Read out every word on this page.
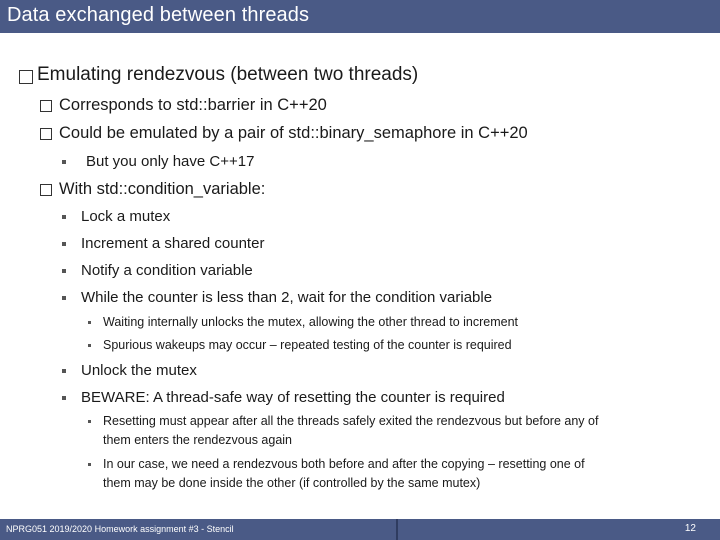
Data exchanged between threads
Emulating rendezvous (between two threads)
Corresponds to std::barrier in C++20
Could be emulated by a pair of std::binary_semaphore in C++20
But you only have C++17
With std::condition_variable:
Lock a mutex
Increment a shared counter
Notify a condition variable
While the counter is less than 2, wait for the condition variable
Waiting internally unlocks the mutex, allowing the other thread to increment
Spurious wakeups may occur – repeated testing of the counter is required
Unlock the mutex
BEWARE: A thread-safe way of resetting the counter is required
Resetting must appear after all the threads safely exited the rendezvous but before any of
them enters the rendezvous again
In our case, we need a rendezvous both before and after the copying – resetting one of
them may be done inside the other (if controlled by the same mutex)
NPRG051 2019/2020 Homework assignment #3 - Stencil	12
